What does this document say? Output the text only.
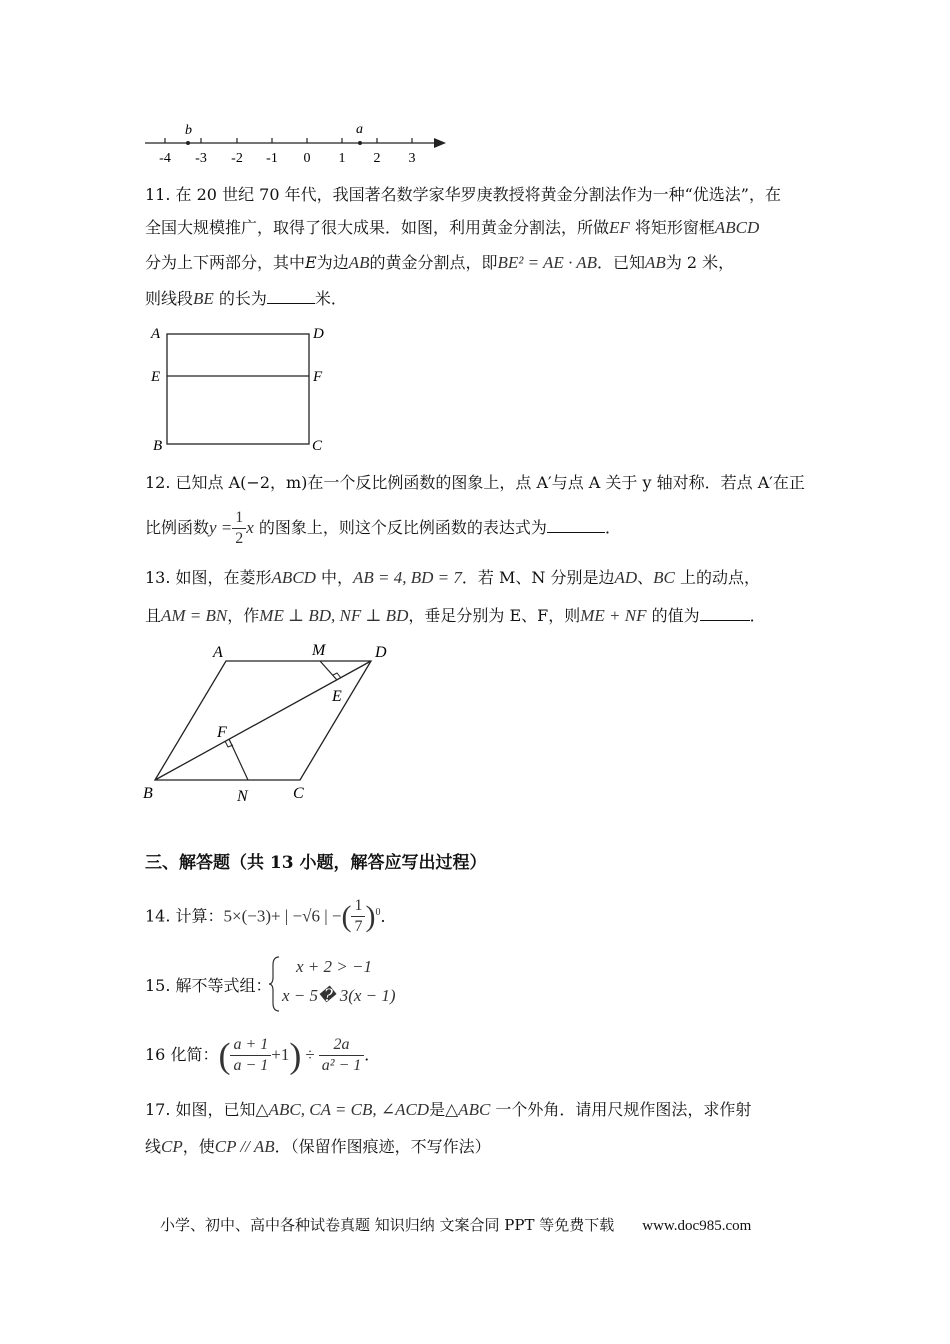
b	a
-4 -3 -2 -1 0 1 2 3
11. 在 20 世纪 70 年代，我国著名数学家华罗庚教授将黄金分割法作为一种“优选法”，在
全国大规模推广，取得了很大成果．如图，利用黄金分割法，所做EF 将矩形窗框ABCD
分为上下两部分，其中E为边AB的黄金分割点，即BE² = AE · AB．已知AB为 2 米，
则线段BE 的长为	米．
A	D
E	F
B	C
12. 已知点 A(−2，m)在一个反比例函数的图象上，点 A′与点 A 关于 y 轴对称．若点 A′在正
比例函数$y = \frac{1}{2}$ x 的图象上，则这个反比例函数的表达式为	．
13. 如图，在菱形ABCD 中，AB = 4, BD = 7．若 M、N 分别是边AD、BC 上的动点，
且AM = BN，作ME ⊥ BD, NF ⊥ BD，垂足分别为 E、F，则ME + NF 的值为	．
A	M	D
E
F
B	N	C
三、解答题（共 13 小题，解答应写出过程）
14. 计算：5×(−3)+ | −√6 | −( $\frac{1}{7} )^0$．
15. 解不等式组：
x + 2 > −1
x − 5� 3(x − 1)
16 化简：( $\frac{a + 1}{a - 1} +1) \div \frac{2a}{\text{a² − 1}}$ ．
17. 如图，已知△ABC, CA = CB, ∠ACD是△ABC 一个外角．请用尺规作图法，求作射
线CP，使CP // AB．（保留作图痕迹，不写作法）
小学、初中、高中各种试卷真题 知识归纳 文案合同 PPT 等免费下载 www.doc985.com
